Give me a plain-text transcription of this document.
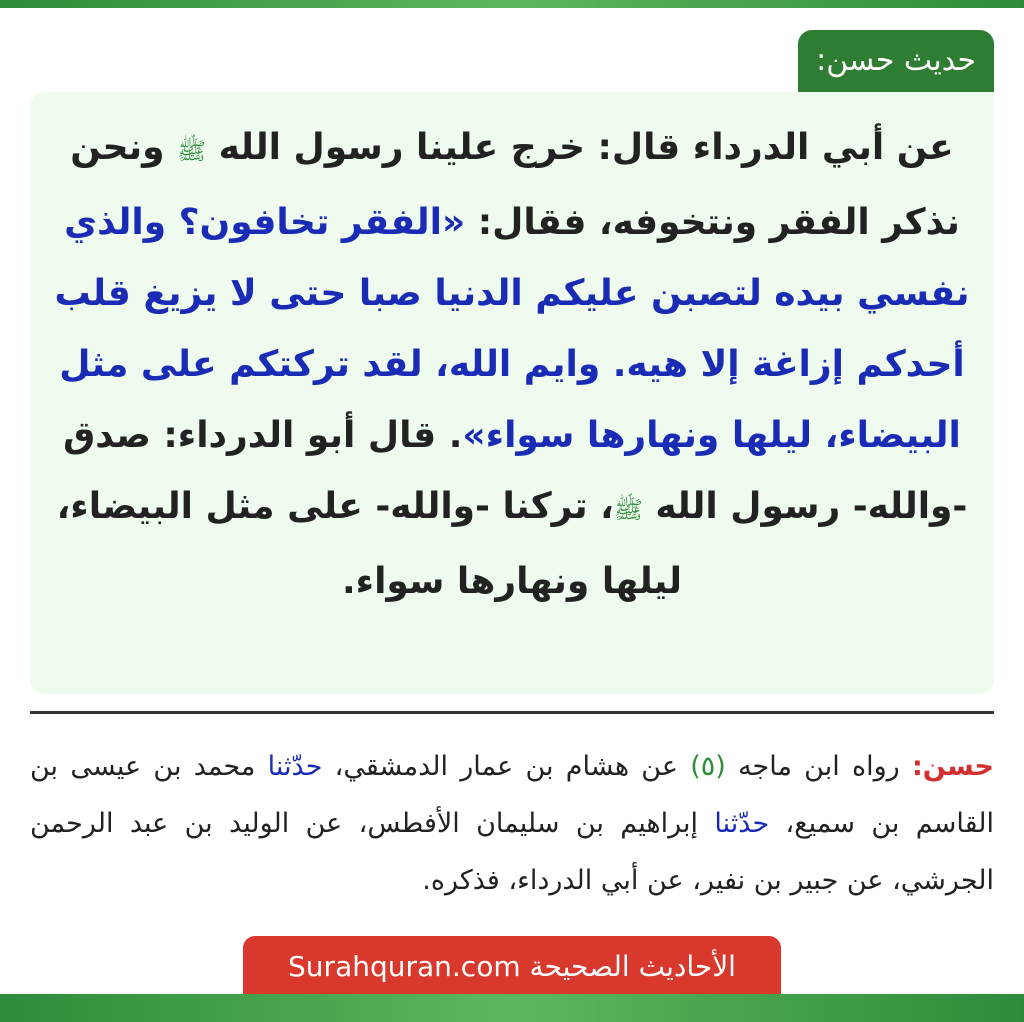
حديث حسن:

عن أبي الدرداء قال: خرج علينا رسول الله ﷺ ونحن نذكر الفقر ونتخوفه، فقال: «الفقر تخافون؟ والذي نفسي بيده لتصبن عليكم الدنيا صبا حتى لا يزيغ قلب أحدكم إزاغة إلا هيه. وايم الله، لقد تركتكم على مثل البيضاء، ليلها ونهارها سواء». قال أبو الدرداء: صدق -والله- رسول الله ﷺ، تركنا -والله- على مثل البيضاء،
ليلها ونهارها سواء.

حسن: رواه ابن ماجه (٥) عن هشام بن عمار الدمشقي، حدّثنا محمد بن عيسى بن القاسم بن سميع، حدّثنا إبراهيم بن سليمان الأفطس، عن الوليد بن عبد الرحمن الجرشي، عن جبير بن نفير، عن أبي الدرداء، فذكره.
الأحاديث الصحيحة Surahquran.com
